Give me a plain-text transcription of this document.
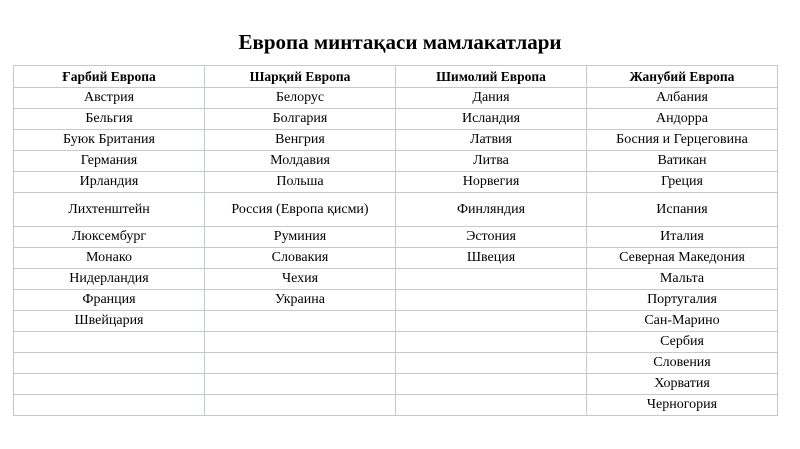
Европа минтақаси мамлакатлари
Ғарбий Европа	Шарқий Европа	Шимолий Европа	Жанубий Европа
Австрия	Белорус	Дания	Албания
Бельгия	Болгария	Исландия	Андорра
Буюк Британия	Венгрия	Латвия	Босния и Герцеговина
Германия	Молдавия	Литва	Ватикан
Ирландия	Польша	Норвегия	Греция
Лихтенштейн	Россия (Европа қисми)	Финляндия	Испания
Люксембург	Руминия	Эстония	Италия
Монако	Словакия	Швеция	Северная Македония
Нидерландия	Чехия		Мальта
Франция	Украина		Португалия
Швейцария			Сан-Марино
			Сербия
			Словения
			Хорватия
			Черногория
